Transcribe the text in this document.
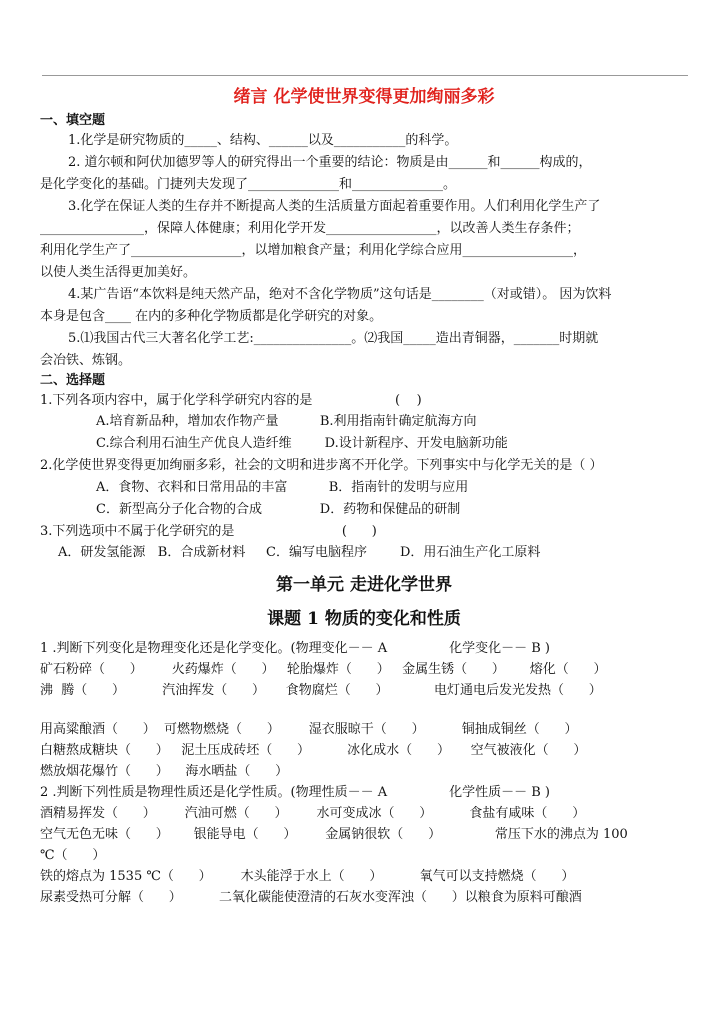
绪言 化学使世界变得更加绚丽多彩
一、填空题
1.化学是研究物质的_____、结构、______以及___________的科学。
2. 道尔顿和阿伏加德罗等人的研究得出一个重要的结论：物质是由______和______构成的，
是化学变化的基础。门捷列夫发现了______________和______________。
3.化学在保证人类的生存并不断提高人类的生活质量方面起着重要作用。人们利用化学生产了
________________，保障人体健康；利用化学开发_________________，以改善人类生存条件；
利用化学生产了_________________，以增加粮食产量；利用化学综合应用_________________，
以使人类生活得更加美好。
4.某广告语“本饮料是纯天然产品，绝对不含化学物质”这句话是________（对或错）。 因为饮料
本身是包含____ 在内的多种化学物质都是化学研究的对象。
5.⑴我国古代三大著名化学工艺:_______________。⑵我国_____造出青铜器，_______时期就
会冶铁、炼钢。
二、选择题
1.下列各项内容中，属于化学科学研究内容的是                    (    )
A.培育新品种，增加农作物产量          B.利用指南针确定航海方向
C.综合利用石油生产优良人造纤维        D.设计新程序、开发电脑新功能
2.化学使世界变得更加绚丽多彩，社会的文明和进步离不开化学。下列事实中与化学无关的是（ ）
A．食物、衣料和日常用品的丰富          B．指南针的发明与应用
C．新型高分子化合物的合成              D．药物和保健品的研制
3.下列选项中不属于化学研究的是                          (      )
A．研发氢能源   B．合成新材料     C．编写电脑程序        D．用石油生产化工原料
第一单元 走进化学世界
课题 1 物质的变化和性质
1 .判断下列变化是物理变化还是化学变化。(物理变化－－ A               化学变化－－ B )
矿石粉碎（      ）       火药爆炸（      ）   轮胎爆炸（      ）   金属生锈（      ）      熔化（      ）
沸  腾（      ）         汽油挥发（      ）     食物腐烂（      ）           电灯通电后发光发热（      ）
用高粱酿酒（      ）  可燃物燃烧（      ）       湿衣服晾干（      ）         铜抽成铜丝（      ）
白糖熬成糖块（      ）   泥土压成砖坯（      ）         冰化成水（      ）     空气被液化（      ）
燃放烟花爆竹（      ）    海水晒盐（      ）
2 .判断下列性质是物理性质还是化学性质。(物理性质－－ A               化学性质－－ B )
酒精易挥发（      ）       汽油可燃（      ）       水可变成冰（      ）         食盐有咸味（      ）
空气无色无味（      ）      银能导电（      ）       金属钠很软（      ）             常压下水的沸点为 100
℃（      ）
铁的熔点为 1535 ℃（      ）       木头能浮于水上（      ）         氧气可以支持燃烧（      ）
尿素受热可分解（      ）         二氧化碳能使澄清的石灰水变浑浊（      ）以粮食为原料可酿酒
